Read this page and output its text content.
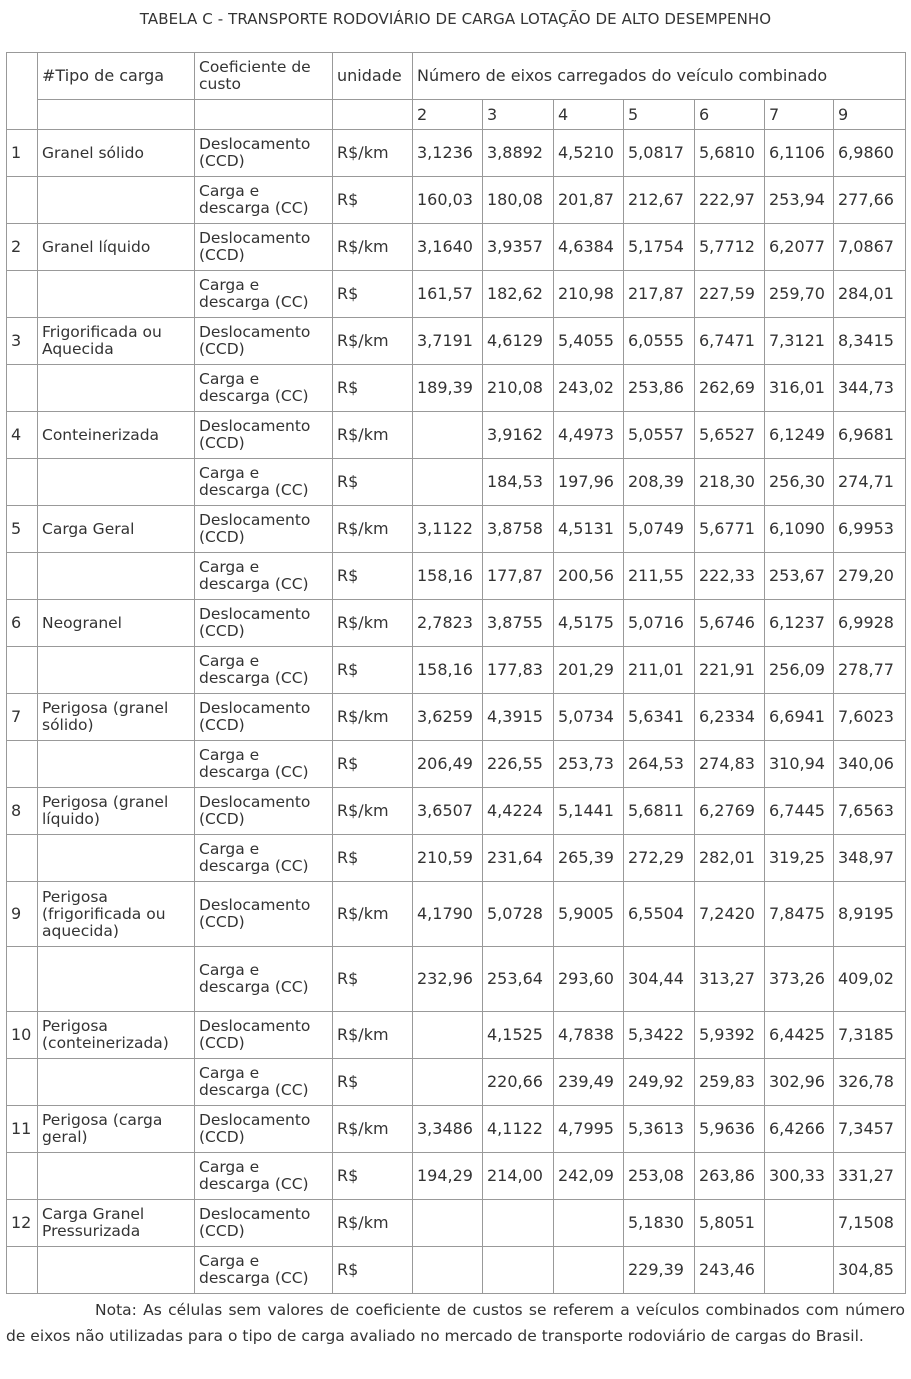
TABELA C - TRANSPORTE RODOVIÁRIO DE CARGA LOTAÇÃO DE ALTO DESEMPENHO
	#Tipo de carga	Coeficiente de custo	unidade	Número de eixos carregados do veículo combinado						
				2	3	4	5	6	7	9
1	Granel sólido	Deslocamento (CCD)	R$/km	3,1236	3,8892	4,5210	5,0817	5,6810	6,1106	6,9860
		Carga e descarga (CC)	R$	160,03	180,08	201,87	212,67	222,97	253,94	277,66
2	Granel líquido	Deslocamento (CCD)	R$/km	3,1640	3,9357	4,6384	5,1754	5,7712	6,2077	7,0867
		Carga e descarga (CC)	R$	161,57	182,62	210,98	217,87	227,59	259,70	284,01
3	Frigorificada ou Aquecida	Deslocamento (CCD)	R$/km	3,7191	4,6129	5,4055	6,0555	6,7471	7,3121	8,3415
		Carga e descarga (CC)	R$	189,39	210,08	243,02	253,86	262,69	316,01	344,73
4	Conteinerizada	Deslocamento (CCD)	R$/km		3,9162	4,4973	5,0557	5,6527	6,1249	6,9681
		Carga e descarga (CC)	R$		184,53	197,96	208,39	218,30	256,30	274,71
5	Carga Geral	Deslocamento (CCD)	R$/km	3,1122	3,8758	4,5131	5,0749	5,6771	6,1090	6,9953
		Carga e descarga (CC)	R$	158,16	177,87	200,56	211,55	222,33	253,67	279,20
6	Neogranel	Deslocamento (CCD)	R$/km	2,7823	3,8755	4,5175	5,0716	5,6746	6,1237	6,9928
		Carga e descarga (CC)	R$	158,16	177,83	201,29	211,01	221,91	256,09	278,77
7	Perigosa (granel sólido)	Deslocamento (CCD)	R$/km	3,6259	4,3915	5,0734	5,6341	6,2334	6,6941	7,6023
		Carga e descarga (CC)	R$	206,49	226,55	253,73	264,53	274,83	310,94	340,06
8	Perigosa (granel líquido)	Deslocamento (CCD)	R$/km	3,6507	4,4224	5,1441	5,6811	6,2769	6,7445	7,6563
		Carga e descarga (CC)	R$	210,59	231,64	265,39	272,29	282,01	319,25	348,97
9	Perigosa (frigorificada ou aquecida)	Deslocamento (CCD)	R$/km	4,1790	5,0728	5,9005	6,5504	7,2420	7,8475	8,9195
		Carga e descarga (CC)	R$	232,96	253,64	293,60	304,44	313,27	373,26	409,02
10	Perigosa (conteinerizada)	Deslocamento (CCD)	R$/km		4,1525	4,7838	5,3422	5,9392	6,4425	7,3185
		Carga e descarga (CC)	R$		220,66	239,49	249,92	259,83	302,96	326,78
11	Perigosa (carga geral)	Deslocamento (CCD)	R$/km	3,3486	4,1122	4,7995	5,3613	5,9636	6,4266	7,3457
		Carga e descarga (CC)	R$	194,29	214,00	242,09	253,08	263,86	300,33	331,27
12	Carga Granel Pressurizada	Deslocamento (CCD)	R$/km				5,1830	5,8051		7,1508
		Carga e descarga (CC)	R$				229,39	243,46		304,85
Nota: As células sem valores de coeficiente de custos se referem a veículos combinados com número de eixos não utilizadas para o tipo de carga avaliado no mercado de transporte rodoviário de cargas do Brasil.
